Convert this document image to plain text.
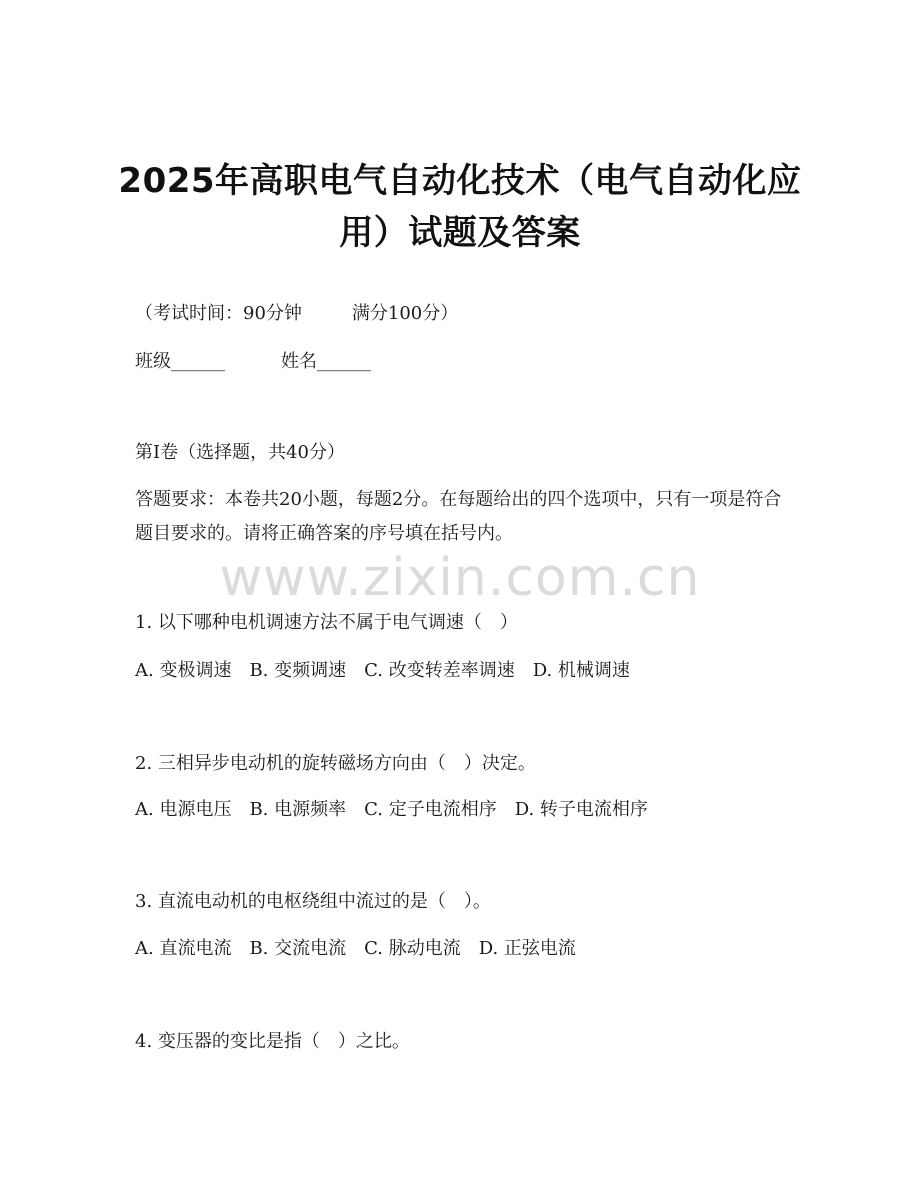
2025年高职电气自动化技术（电气自动化应用）试题及答案
（考试时间：90分钟	满分100分）
班级______	姓名______
第I卷（选择题，共40分）
答题要求：本卷共20小题，每题2分。在每题给出的四个选项中，只有一项是符合题目要求的。请将正确答案的序号填在括号内。
www.zixin.com.cn
1. 以下哪种电机调速方法不属于电气调速（　）
A. 变极调速 B. 变频调速 C. 改变转差率调速 D. 机械调速
2. 三相异步电动机的旋转磁场方向由（　）决定。
A. 电源电压 B. 电源频率 C. 定子电流相序 D. 转子电流相序
3. 直流电动机的电枢绕组中流过的是（　）。
A. 直流电流 B. 交流电流 C. 脉动电流 D. 正弦电流
4. 变压器的变比是指（　）之比。
